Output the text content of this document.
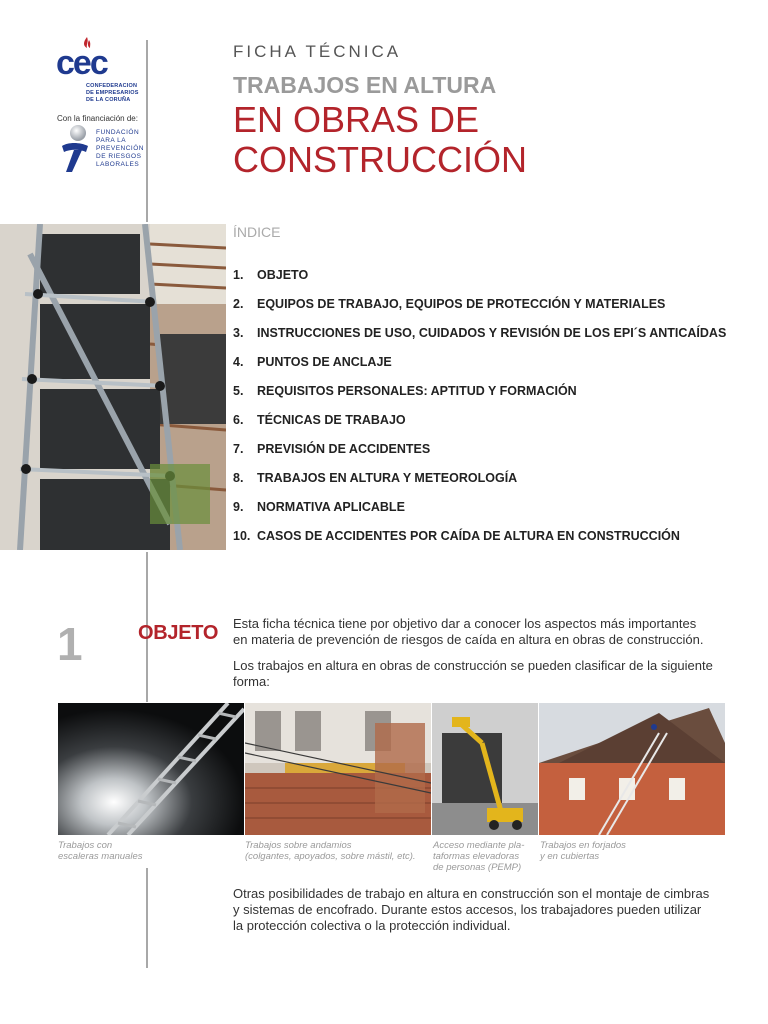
cec
CONFEDERACION
DE EMPRESARIOS
DE LA CORUÑA
Con la financiación de:
FUNDACIÓN
PARA LA
PREVENCIÓN
DE RIESGOS
LABORALES
FICHA TÉCNICA
TRABAJOS EN ALTURA
EN OBRAS DE
CONSTRUCCIÓN
ÍNDICE
1. OBJETO
2. EQUIPOS DE TRABAJO, EQUIPOS DE PROTECCIÓN Y MATERIALES
3. INSTRUCCIONES DE USO, CUIDADOS Y REVISIÓN DE LOS EPI´S ANTICAÍDAS
4. PUNTOS DE ANCLAJE
5. REQUISITOS PERSONALES: APTITUD Y FORMACIÓN
6. TÉCNICAS DE TRABAJO
7. PREVISIÓN DE ACCIDENTES
8. TRABAJOS EN ALTURA Y METEOROLOGÍA
9. NORMATIVA APLICABLE
10. CASOS DE ACCIDENTES POR CAÍDA DE ALTURA EN CONSTRUCCIÓN
1	OBJETO Esta ficha técnica tiene por objetivo dar a conocer los aspectos más importantes
en materia de prevención de riesgos de caída en altura en obras de construcción.
Los trabajos en altura en obras de construcción se pueden clasificar de la siguiente
forma:
Trabajos con
escaleras manuales
Trabajos sobre andamios
(colgantes, apoyados, sobre mástil, etc).
Acceso mediante pla-
taformas elevadoras
de personas (PEMP)
Trabajos en forjados
y en cubiertas
Otras posibilidades de trabajo en altura en construcción son el montaje de cimbras
y sistemas de encofrado. Durante estos accesos, los trabajadores pueden utilizar
la protección colectiva o la protección individual.
